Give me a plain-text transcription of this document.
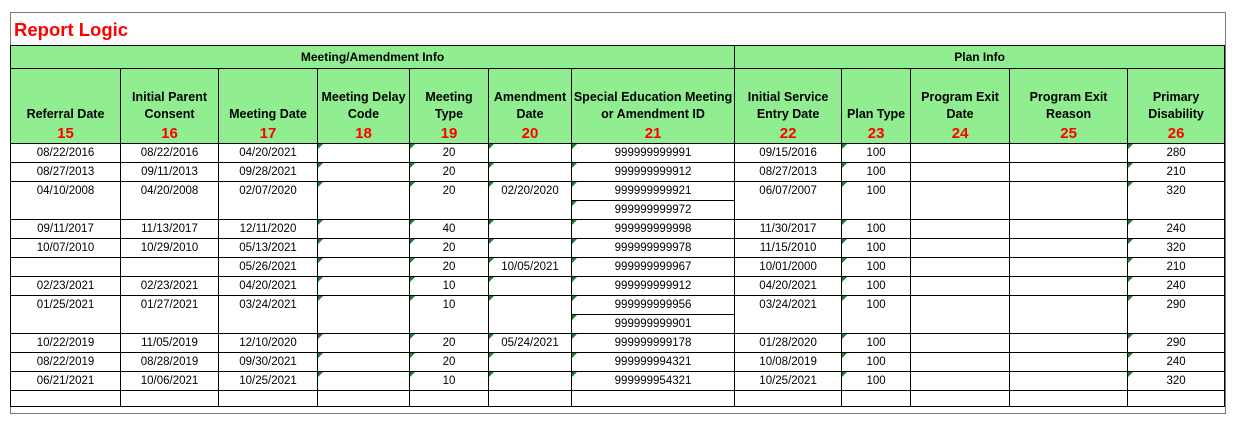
Report Logic
Meeting/Amendment Info							Plan Info				
Referral Date	Initial Parent Consent	Meeting Date	Meeting Delay Code	Meeting Type	Amendment Date	Special Education Meeting or Amendment ID	Initial Service Entry Date	Plan Type	Program Exit Date	Program Exit Reason	Primary Disability
15	16	17	18	19	20	21	22	23	24	25	26
08/22/2016	08/22/2016	04/20/2021		20		999999999991	09/15/2016	100			280
08/27/2013	09/11/2013	09/28/2021		20		999999999912	08/27/2013	100			210
04/10/2008	04/20/2008	02/07/2020		20	02/20/2020	999999999921	06/07/2007	100			320
						999999999972					
09/11/2017	11/13/2017	12/11/2020		40		999999999998	11/30/2017	100			240
10/07/2010	10/29/2010	05/13/2021		20		999999999978	11/15/2010	100			320
		05/26/2021		20	10/05/2021	999999999967	10/01/2000	100			210
02/23/2021	02/23/2021	04/20/2021		10		999999999912	04/20/2021	100			240
01/25/2021	01/27/2021	03/24/2021		10		999999999956	03/24/2021	100			290
						999999999901					
10/22/2019	11/05/2019	12/10/2020		20	05/24/2021	999999999178	01/28/2020	100			290
08/22/2019	08/28/2019	09/30/2021		20		999999994321	10/08/2019	100			240
06/21/2021	10/06/2021	10/25/2021		10		999999954321	10/25/2021	100			320
